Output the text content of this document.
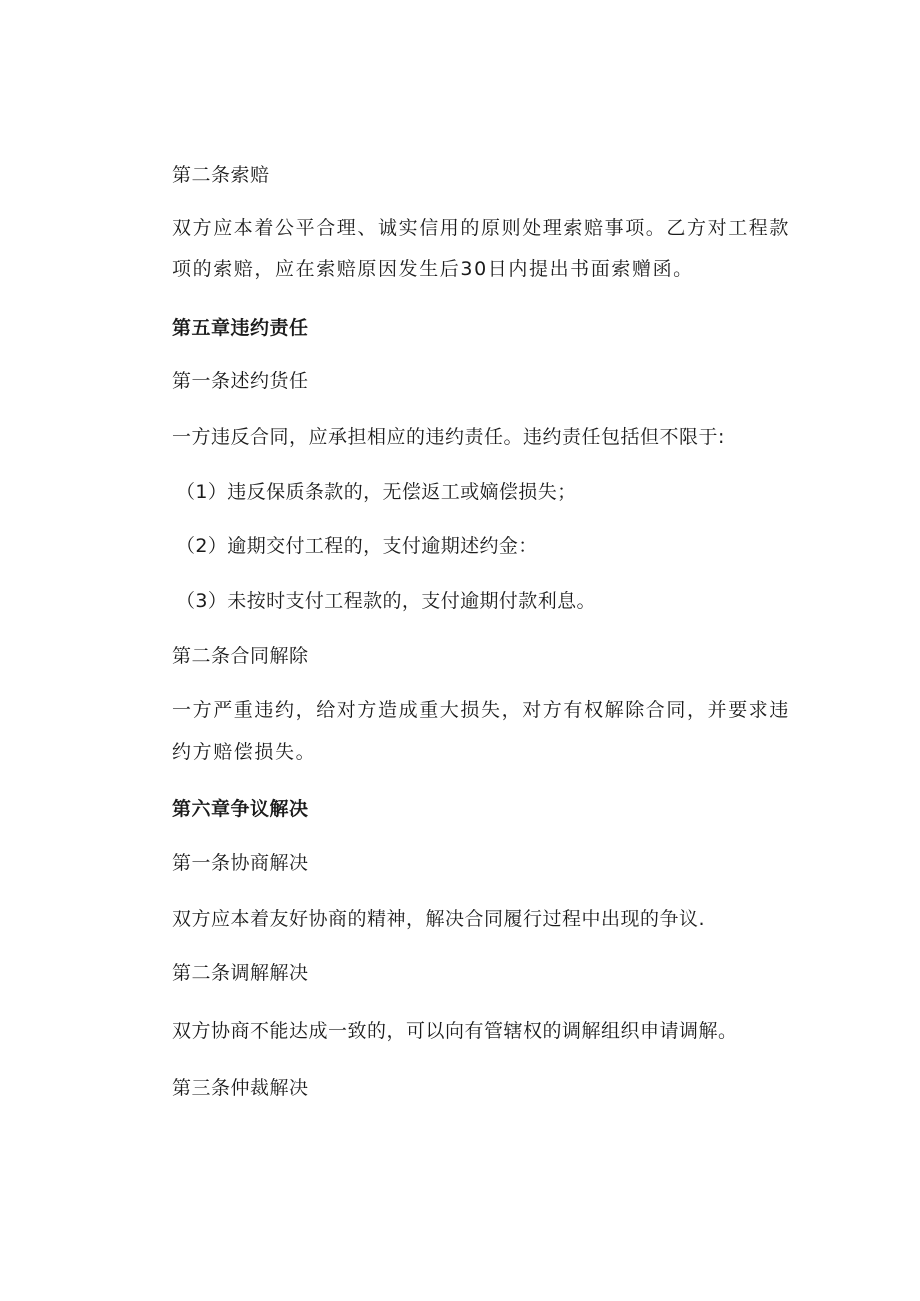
第二条索赔
双方应本着公平合理、诚实信用的原则处理索赔事项。乙方对工程款
项的索赔，应在索赔原因发生后30日内提出书面索赠函。
第五章违约责任
第一条述约货任
一方违反合同，应承担相应的违约责任。违约责任包括但不限于:
（1）违反保质条款的，无偿返工或嫡偿损失；
（2）逾期交付工程的，支付逾期述约金：
（3）未按时支付工程款的，支付逾期付款利息。
第二条合同解除
一方严重违约，给对方造成重大损失，对方有权解除合同，并要求违
约方赔偿损失。
第六章争议解决
第一条协商解决
双方应本着友好协商的精神，解决合同履行过程中出现的争议.
第二条调解解决
双方协商不能达成一致的，可以向有管辖权的调解组织申请调解。
第三条仲裁解决
